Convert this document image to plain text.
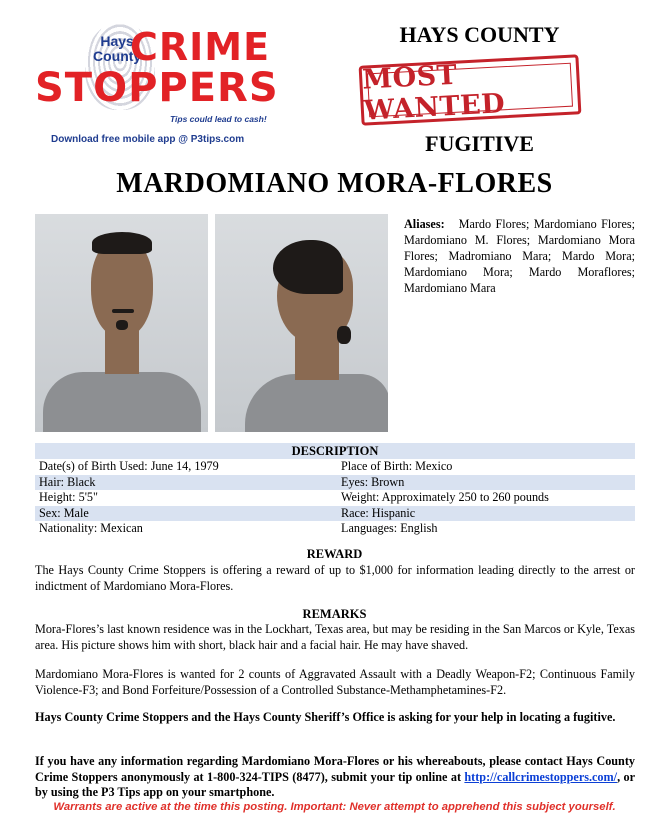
Hays
County
CRIME
STOPPERS
Tips could lead to cash!
Download free mobile app @ P3tips.com
HAYS COUNTY
MOST WANTED
FUGITIVE
MARDOMIANO MORA-FLORES
Aliases: Mardo Flores; Mardomiano Flores; Mardomiano M. Flores; Mardomiano Mora Flores; Madromiano Mara; Mardo Mora; Mardomiano Mora; Mardo Moraflores; Mardomiano Mara
DESCRIPTION
Date(s) of Birth Used: June 14, 1979	Place of Birth: Mexico
Hair: Black	Eyes: Brown
Height: 5'5"	Weight: Approximately 250 to 260 pounds
Sex: Male	Race: Hispanic
Nationality: Mexican	Languages: English
REWARD
The Hays County Crime Stoppers is offering a reward of up to $1,000 for information leading directly to the arrest or indictment of Mardomiano Mora-Flores.
REMARKS
Mora-Flores’s last known residence was in the Lockhart, Texas area, but may be residing in the San Marcos or Kyle, Texas area. His picture shows him with short, black hair and a facial hair. He may have shaved.
Mardomiano Mora-Flores is wanted for 2 counts of Aggravated Assault with a Deadly Weapon-F2; Continuous Family Violence-F3; and Bond Forfeiture/Possession of a Controlled Substance-Methamphetamines-F2.
Hays County Crime Stoppers and the Hays County Sheriff’s Office is asking for your help in locating a fugitive.
If you have any information regarding Mardomiano Mora-Flores or his whereabouts, please contact Hays County Crime Stoppers anonymously at 1-800-324-TIPS (8477), submit your tip online at http://callcrimestoppers.com/, or by using the P3 Tips app on your smartphone.
Warrants are active at the time this posting. Important: Never attempt to apprehend this subject yourself.
